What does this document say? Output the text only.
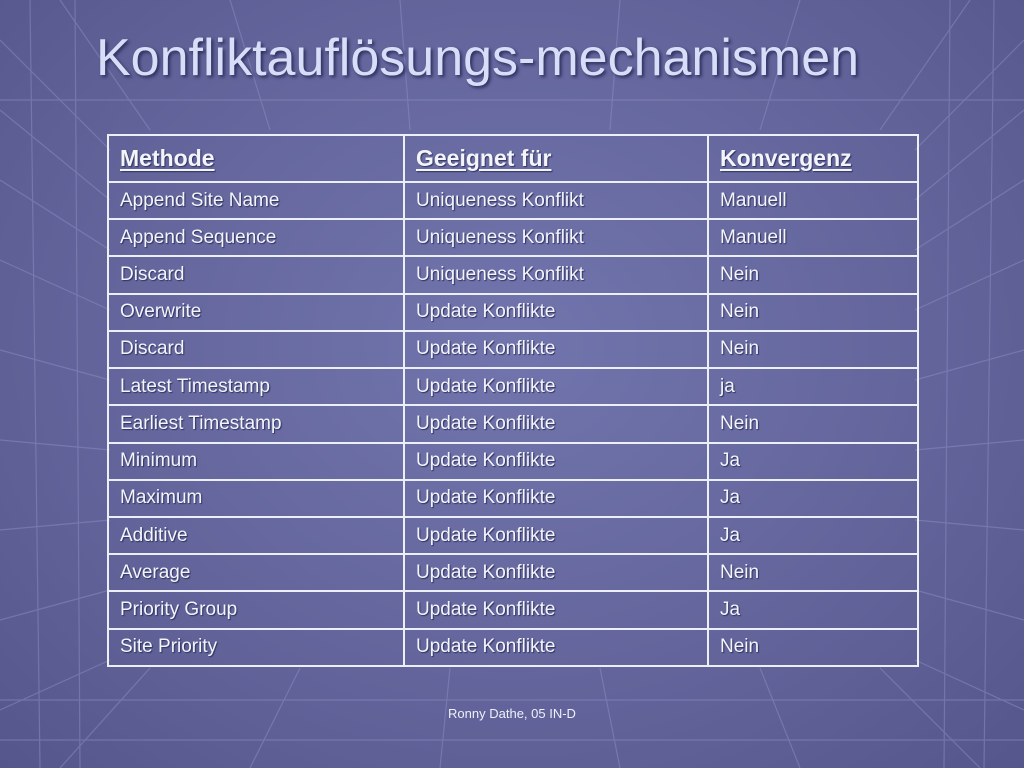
Konfliktauflösungs-mechanismen
Methode	Geeignet für	Konvergenz
Append Site Name	Uniqueness Konflikt	Manuell
Append Sequence	Uniqueness Konflikt	Manuell
Discard	Uniqueness Konflikt	Nein
Overwrite	Update Konflikte	Nein
Discard	Update Konflikte	Nein
Latest Timestamp	Update Konflikte	ja
Earliest Timestamp	Update Konflikte	Nein
Minimum	Update Konflikte	Ja
Maximum	Update Konflikte	Ja
Additive	Update Konflikte	Ja
Average	Update Konflikte	Nein
Priority Group	Update Konflikte	Ja
Site Priority	Update Konflikte	Nein
Ronny Dathe, 05 IN-D
